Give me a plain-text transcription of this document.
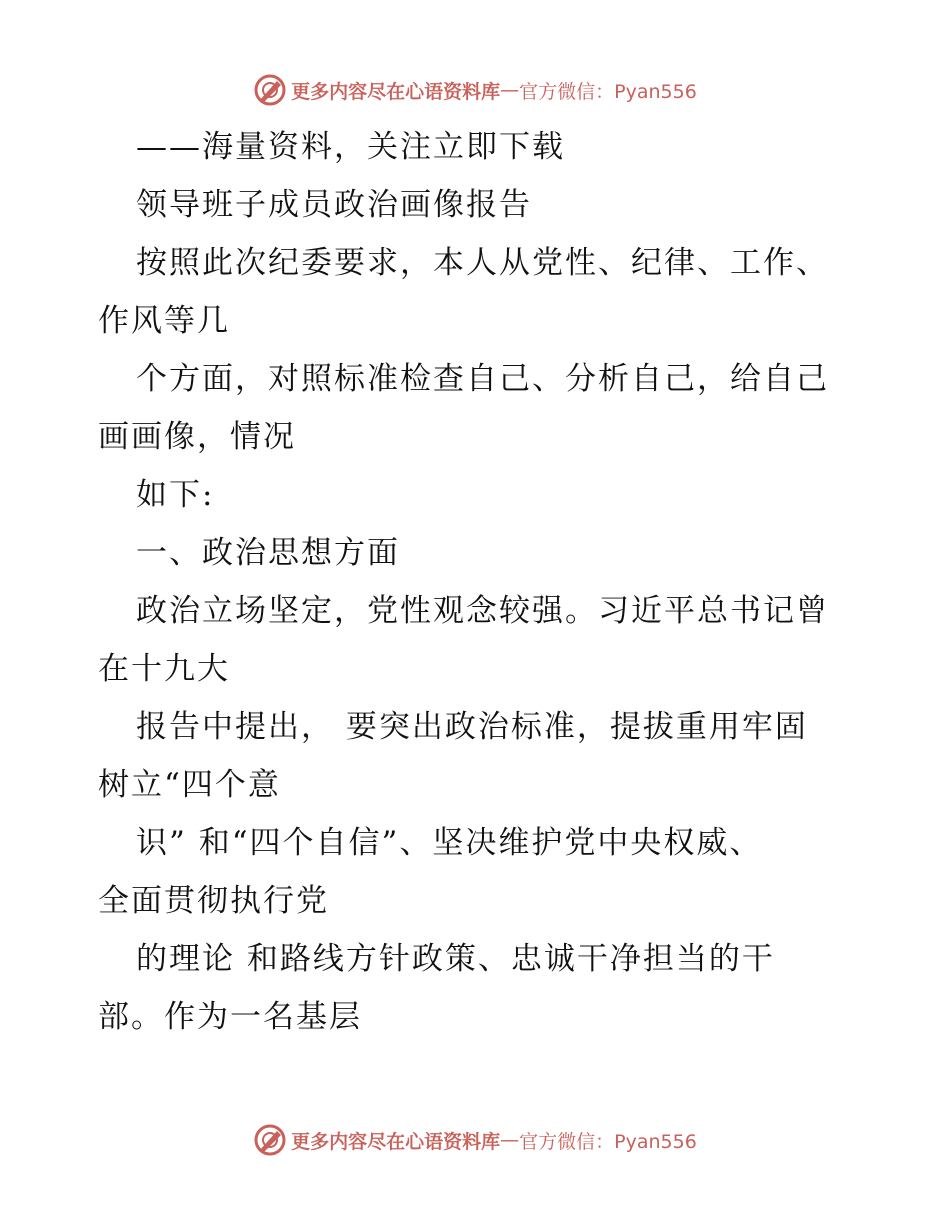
更多内容尽在心语资料库 — 官方微信：Pyan556
——海量资料，关注立即下载
领导班子成员政治画像报告
按照此次纪委要求，本人从党性、纪律、工作、
作风等几
个方面，对照标准检查自己、分析自己，给自己
画画像，情况
如下:
一、政治思想方面
政治立场坚定，党性观念较强。习近平总书记曾
在十九大
报告中提出， 要突出政治标准，提拔重用牢固
树立“四个意
识” 和“四个自信”、坚决维护党中央权威、
全面贯彻执行党
的理论 和路线方针政策、忠诚干净担当的干
部。作为一名基层
更多内容尽在心语资料库 — 官方微信：Pyan556
